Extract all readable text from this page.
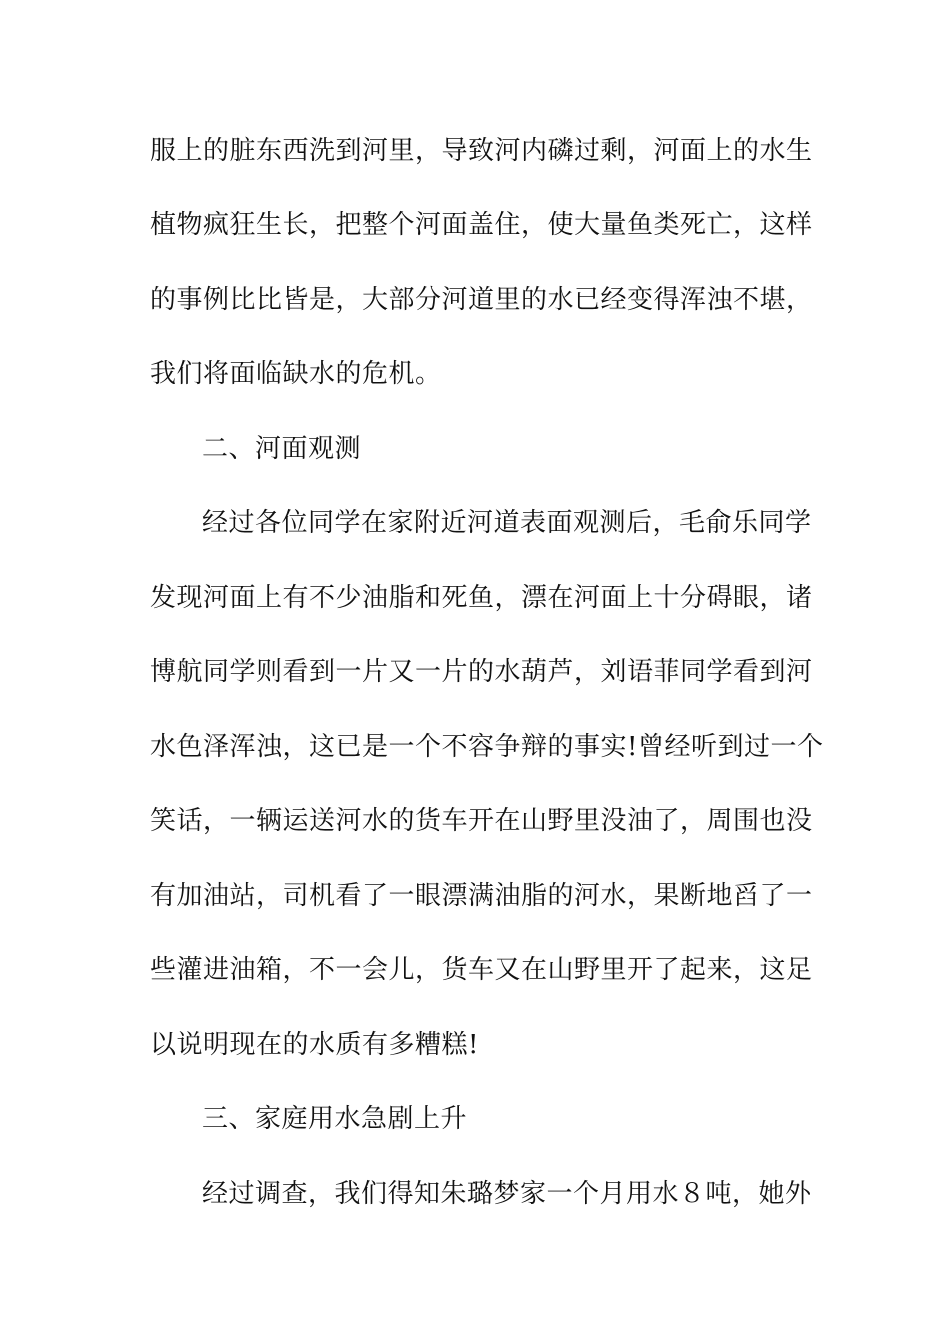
服上的脏东西洗到河里，导致河内磷过剩，河面上的水生
植物疯狂生长，把整个河面盖住，使大量鱼类死亡，这样
的事例比比皆是，大部分河道里的水已经变得浑浊不堪，
我们将面临缺水的危机。
二、河面观测
经过各位同学在家附近河道表面观测后，毛俞乐同学
发现河面上有不少油脂和死鱼，漂在河面上十分碍眼，诸
博航同学则看到一片又一片的水葫芦，刘语菲同学看到河
水色泽浑浊，这已是一个不容争辩的事实!曾经听到过一个
笑话，一辆运送河水的货车开在山野里没油了，周围也没
有加油站，司机看了一眼漂满油脂的河水，果断地舀了一
些灌进油箱，不一会儿，货车又在山野里开了起来，这足
以说明现在的水质有多糟糕!
三、家庭用水急剧上升
经过调查，我们得知朱璐梦家一个月用水８吨，她外
